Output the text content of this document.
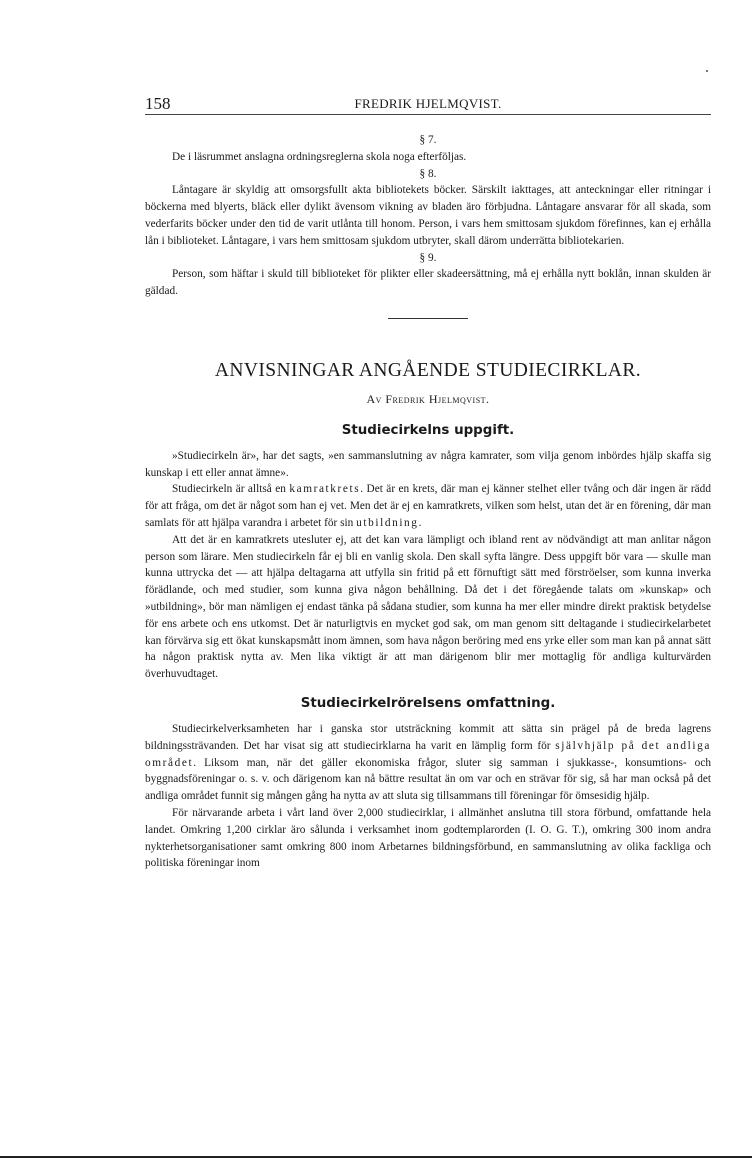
158	FREDRIK HJELMQVIST.
§ 7.

De i läsrummet anslagna ordningsreglerna skola noga efterföljas.

§ 8.

Låntagare är skyldig att omsorgsfullt akta bibliotekets böcker. Särskilt iakttages, att anteckningar eller ritningar i böckerna med blyerts, bläck eller dylikt ävensom vikning av bladen äro förbjudna. Låntagare ansvarar för all skada, som vederfarits böcker under den tid de varit utlånta till honom. Person, i vars hem smittosam sjukdom förefinnes, kan ej erhålla lån i biblioteket. Låntagare, i vars hem smittosam sjukdom utbryter, skall därom underrätta bibliotekarien.

§ 9.

Person, som häftar i skuld till biblioteket för plikter eller skadeersättning, må ej erhålla nytt boklån, innan skulden är gäldad.

ANVISNINGAR ANGÅENDE STUDIECIRKLAR.
Av Fredrik Hjelmqvist.
Studiecirkelns uppgift.

»Studiecirkeln är», har det sagts, »en sammanslutning av några kamrater, som vilja genom inbördes hjälp skaffa sig kunskap i ett eller annat ämne».

Studiecirkeln är alltså en kamratkrets. Det är en krets, där man ej känner stelhet eller tvång och där ingen är rädd för att fråga, om det är något som han ej vet. Men det är ej en kamratkrets, vilken som helst, utan det är en förening, där man samlats för att hjälpa varandra i arbetet för sin utbildning.

Att det är en kamratkrets utesluter ej, att det kan vara lämpligt och ibland rent av nödvändigt att man anlitar någon person som lärare. Men studiecirkeln får ej bli en vanlig skola. Den skall syfta längre. Dess uppgift bör vara — skulle man kunna uttrycka det — att hjälpa deltagarna att utfylla sin fritid på ett förnuftigt sätt med förströelser, som kunna inverka förädlande, och med studier, som kunna giva någon behållning. Då det i det föregående talats om »kunskap» och »utbildning», bör man nämligen ej endast tänka på sådana studier, som kunna ha mer eller mindre direkt praktisk betydelse för ens arbete och ens utkomst. Det är naturligtvis en mycket god sak, om man genom sitt deltagande i studiecirkelarbetet kan förvärva sig ett ökat kunskapsmått inom ämnen, som hava någon beröring med ens yrke eller som man kan på annat sätt ha någon praktisk nytta av. Men lika viktigt är att man därigenom blir mer mottaglig för andliga kulturvärden överhuvudtaget.

Studiecirkelrörelsens omfattning.

Studiecirkelverksamheten har i ganska stor utsträckning kommit att sätta sin prägel på de breda lagrens bildningssträvanden. Det har visat sig att studiecirklarna ha varit en lämplig form för självhjälp på det andliga området. Liksom man, när det gäller ekonomiska frågor, sluter sig samman i sjukkasse-, konsumtions- och byggnadsföreningar o. s. v. och därigenom kan nå bättre resultat än om var och en strävar för sig, så har man också på det andliga området funnit sig mången gång ha nytta av att sluta sig tillsammans till föreningar för ömsesidig hjälp.

För närvarande arbeta i vårt land över 2,000 studiecirklar, i allmänhet anslutna till stora förbund, omfattande hela landet. Omkring 1,200 cirklar äro sålunda i verksamhet inom godtemplarorden (I. O. G. T.), omkring 300 inom andra nykterhetsorganisationer samt omkring 800 inom Arbetarnes bildningsförbund, en sammanslutning av olika fackliga och politiska föreningar inom
